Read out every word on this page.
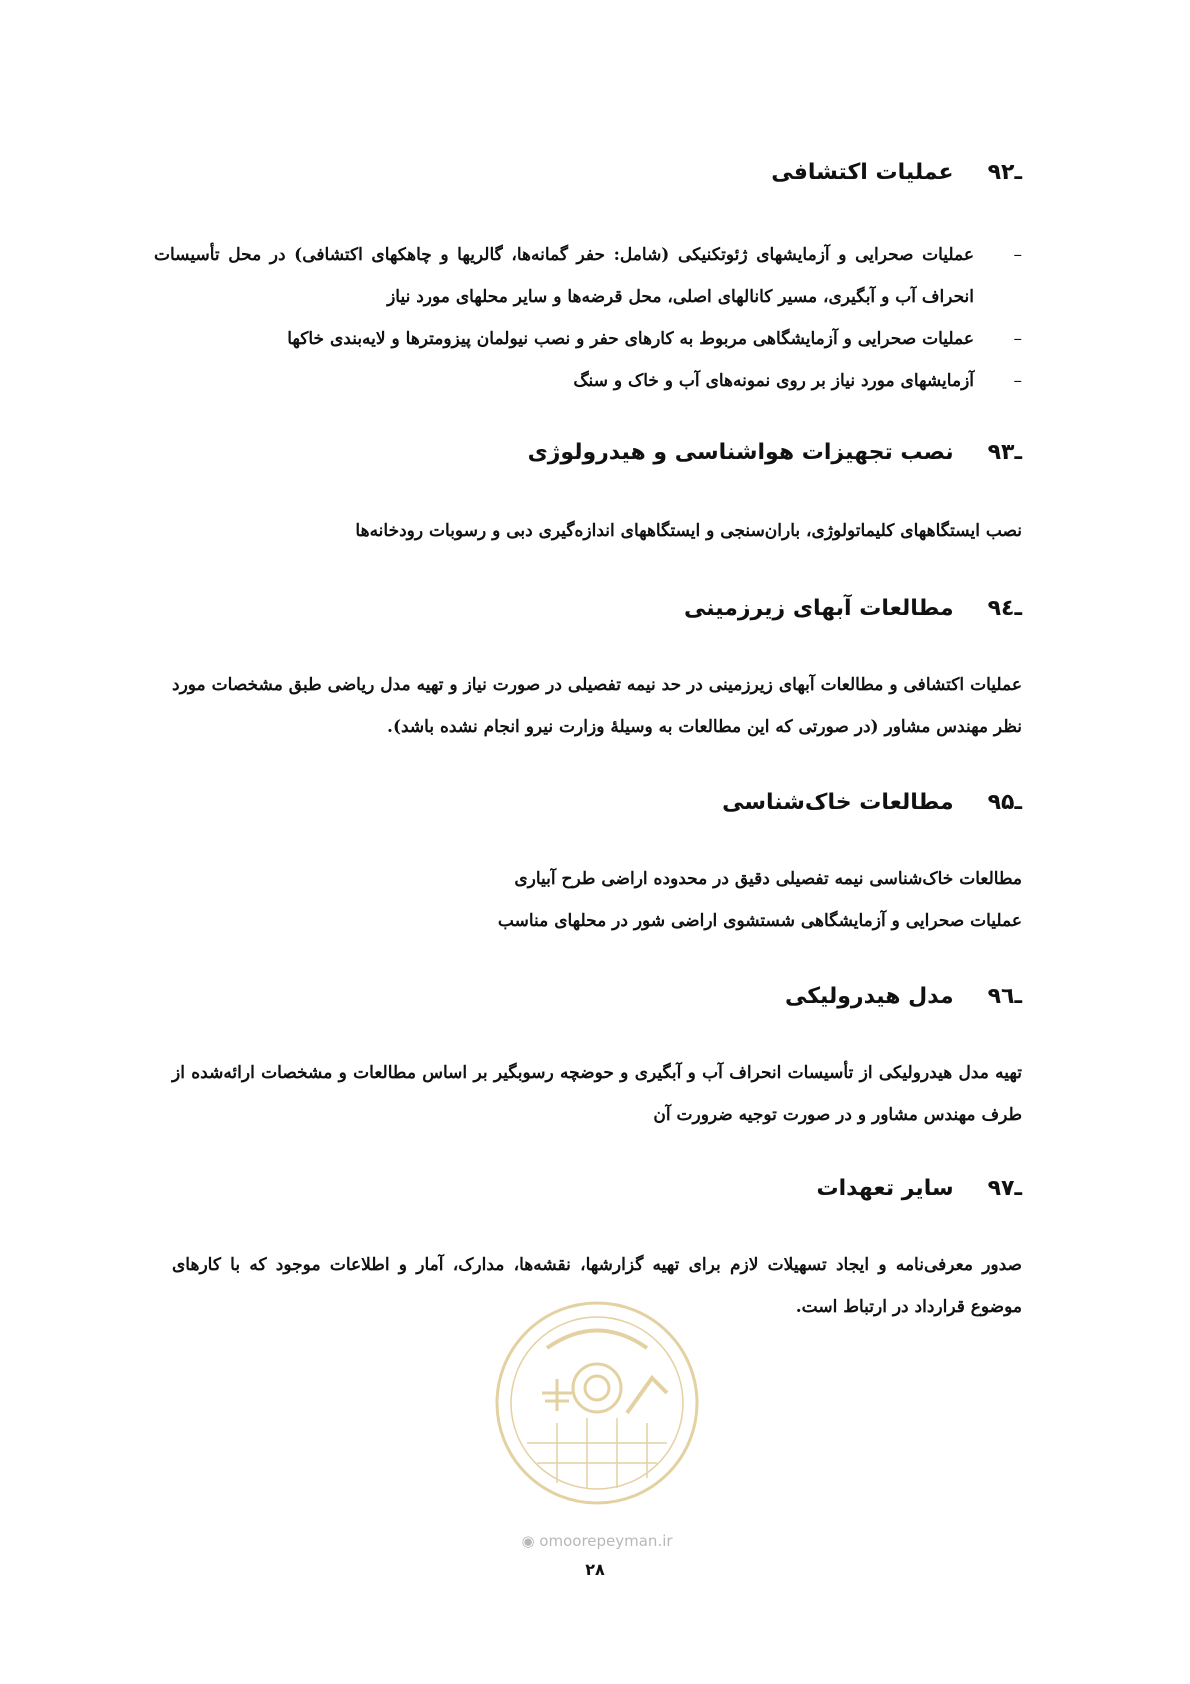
۹ـ۲
عملیات اکتشافی
–
عملیات صحرایی و آزمایشهای ژئوتکنیکی (شامل: حفر گمانه‌ها، گالریها و چاهکهای اکتشافی) در محل تأسیسات انحراف آب و آبگیری، مسیر کانالهای اصلی، محل قرضه‌ها و سایر محلهای مورد نیاز
–
عملیات صحرایی و آزمایشگاهی مربوط به کارهای حفر و نصب نیولمان پیزومترها و لایه‌بندی خاکها
–
آزمایشهای مورد نیاز بر روی نمونه‌های آب و خاک و سنگ
۹ـ۳
نصب تجهیزات هواشناسی و هیدرولوژی
نصب ایستگاههای کلیماتولوژی، باران‌سنجی و ایستگاههای اندازه‌گیری دبی و رسوبات رودخانه‌ها
۹ـ٤
مطالعات آبهای زیرزمینی
عملیات اکتشافی و مطالعات آبهای زیرزمینی در حد نیمه تفصیلی در صورت نیاز و تهیه مدل ریاضی طبق مشخصات مورد نظر مهندس مشاور (در صورتی که این مطالعات به وسیلهٔ وزارت نیرو انجام نشده باشد).
۹ـ۵
مطالعات خاک‌شناسی
مطالعات خاک‌شناسی نیمه تفصیلی دقیق در محدوده اراضی طرح آبیاری
عملیات صحرایی و آزمایشگاهی شستشوی اراضی شور در محلهای مناسب
۹ـ٦
مدل هیدرولیکی
تهیه مدل هیدرولیکی از تأسیسات انحراف آب و آبگیری و حوضچه رسوبگیر بر اساس مطالعات و مشخصات ارائه‌شده از طرف مهندس مشاور و در صورت توجیه ضرورت آن
۹ـ۷
سایر تعهدات
صدور معرفی‌نامه و ایجاد تسهیلات لازم برای تهیه گزارشها، نقشه‌ها، مدارک، آمار و اطلاعات موجود که با کارهای موضوع قرارداد در ارتباط است.
◉ omoorepeyman.ir
۲۸
